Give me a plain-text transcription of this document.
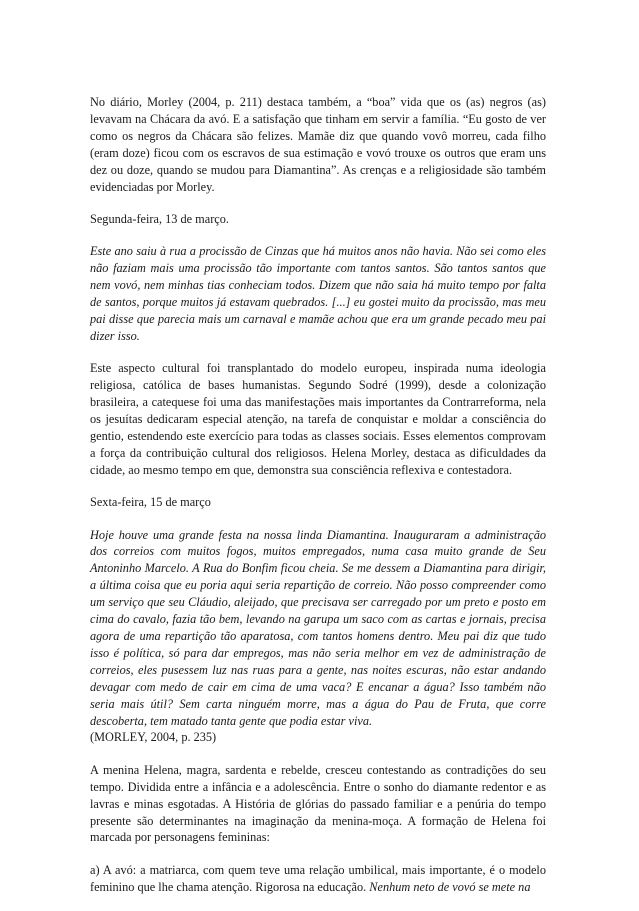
No diário, Morley (2004, p. 211) destaca também, a “boa” vida que os (as) negros (as) levavam na Chácara da avó. E a satisfação que tinham em servir a família. “Eu gosto de ver como os negros da Chácara são felizes. Mamãe diz que quando vovô morreu, cada filho (eram doze) ficou com os escravos de sua estimação e vovó trouxe os outros que eram uns dez ou doze, quando se mudou para Diamantina”. As crenças e a religiosidade são também evidenciadas por Morley.

Segunda-feira, 13 de março.

Este ano saiu à rua a procissão de Cinzas que há muitos anos não havia. Não sei como eles não faziam mais uma procissão tão importante com tantos santos. São tantos santos que nem vovó, nem minhas tias conheciam todos. Dizem que não saia há muito tempo por falta de santos, porque muitos já estavam quebrados. [...] eu gostei muito da procissão, mas meu pai disse que parecia mais um carnaval e mamãe achou que era um grande pecado meu pai dizer isso.

Este aspecto cultural foi transplantado do modelo europeu, inspirada numa ideologia religiosa, católica de bases humanistas. Segundo Sodré (1999), desde a colonização brasileira, a catequese foi uma das manifestações mais importantes da Contrarreforma, nela os jesuítas dedicaram especial atenção, na tarefa de conquistar e moldar a consciência do gentio, estendendo este exercício para todas as classes sociais. Esses elementos comprovam a força da contribuição cultural dos religiosos. Helena Morley, destaca as dificuldades da cidade, ao mesmo tempo em que, demonstra sua consciência reflexiva e contestadora.

Sexta-feira, 15 de março

Hoje houve uma grande festa na nossa linda Diamantina. Inauguraram a administração dos correios com muitos fogos, muitos empregados, numa casa muito grande de Seu Antoninho Marcelo. A Rua do Bonfim ficou cheia. Se me dessem a Diamantina para dirigir, a última coisa que eu poria aqui seria repartição de correio. Não posso compreender como um serviço que seu Cláudio, aleijado, que precisava ser carregado por um preto e posto em cima do cavalo, fazia tão bem, levando na garupa um saco com as cartas e jornais, precisa agora de uma repartição tão aparatosa, com tantos homens dentro. Meu pai diz que tudo isso é política, só para dar empregos, mas não seria melhor em vez de administração de correios, eles pusessem luz nas ruas para a gente, nas noites escuras, não estar andando devagar com medo de cair em cima de uma vaca? E encanar a água? Isso também não seria mais útil? Sem carta ninguém morre, mas a água do Pau de Fruta, que corre descoberta, tem matado tanta gente que podia estar viva.

(MORLEY, 2004, p. 235)

A menina Helena, magra, sardenta e rebelde, cresceu contestando as contradições do seu tempo. Dividida entre a infância e a adolescência. Entre o sonho do diamante redentor e as lavras e minas esgotadas. A História de glórias do passado familiar e a penúria do tempo presente são determinantes na imaginação da menina-moça. A formação de Helena foi marcada por personagens femininas:

a) A avó: a matriarca, com quem teve uma relação umbilical, mais importante, é o modelo feminino que lhe chama atenção. Rigorosa na educação. Nenhum neto de vovó se mete na
